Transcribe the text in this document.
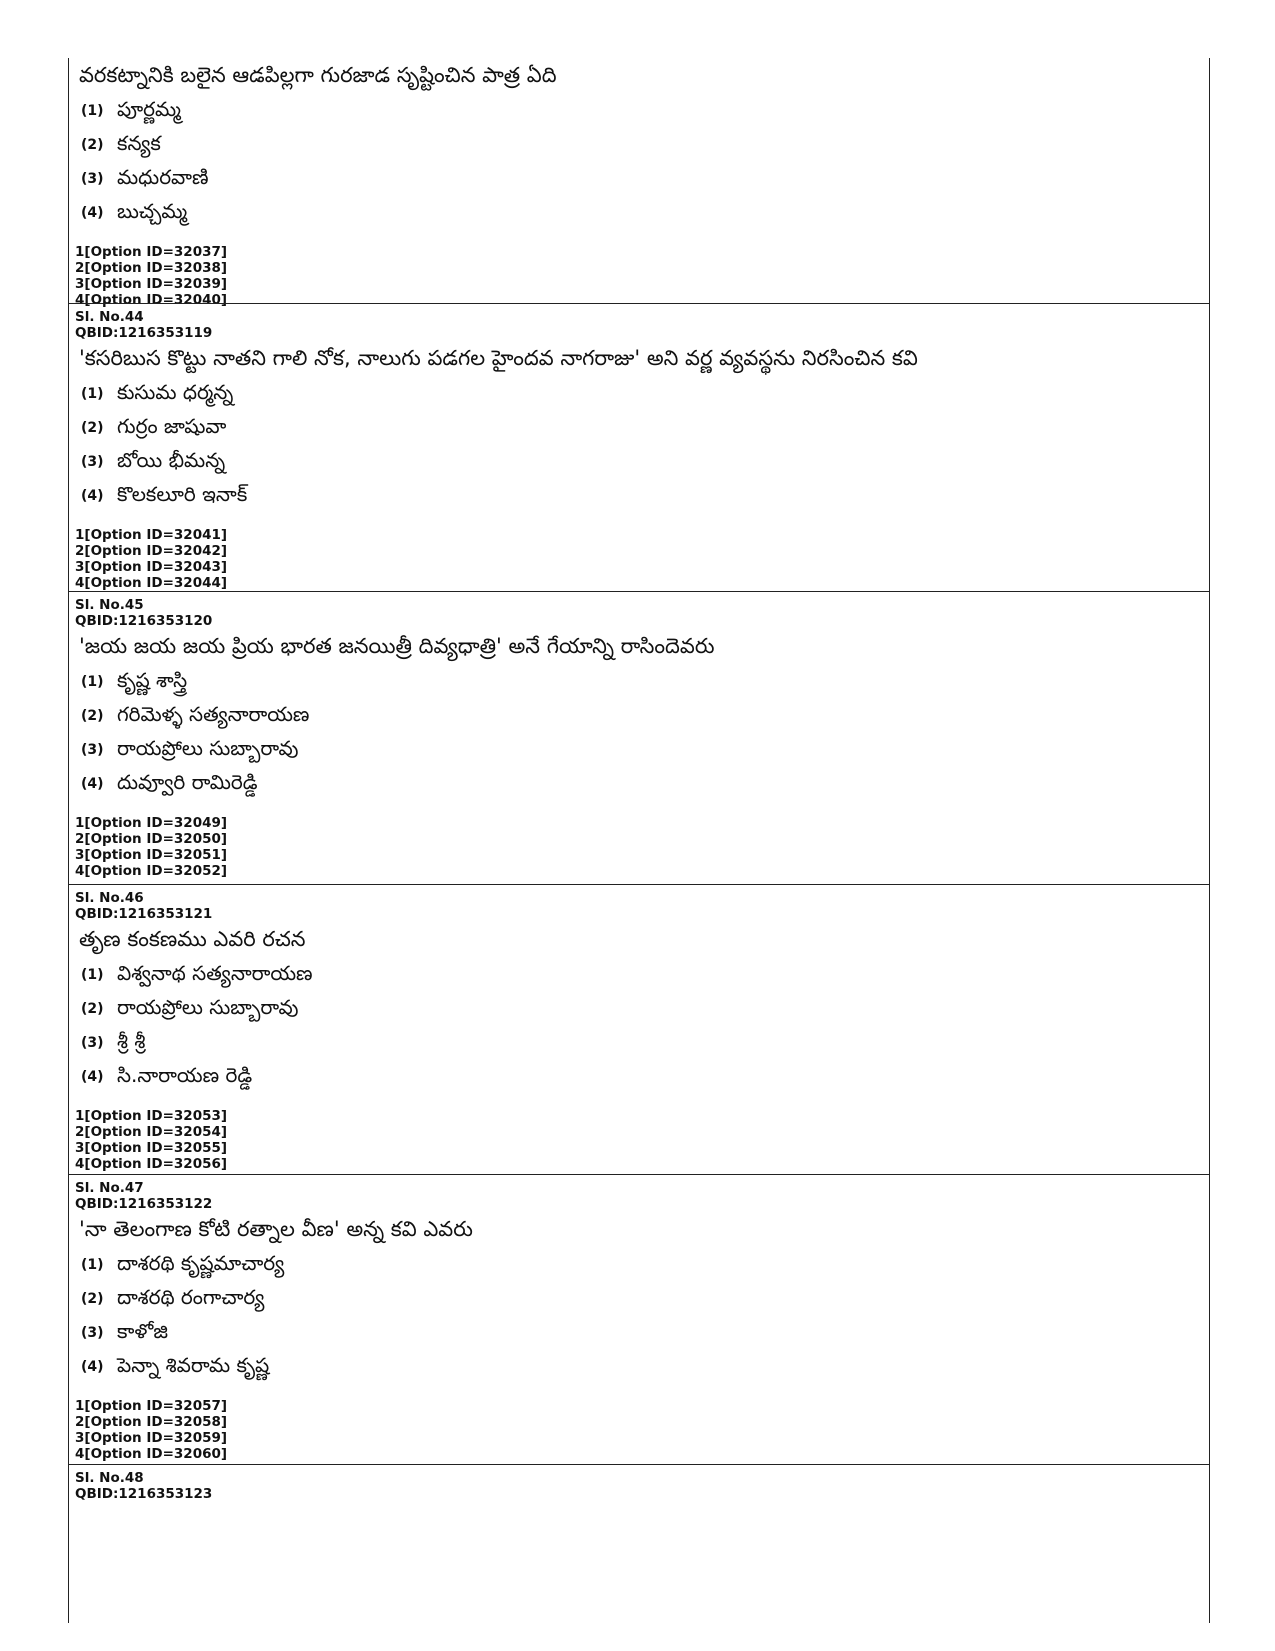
వరకట్నానికి బలైన ఆడపిల్లగా గురజాడ సృష్టించిన పాత్ర ఏది
(1) పూర్ణమ్మ
(2) కన్యక
(3) మధురవాణి
(4) బుచ్చమ్మ
1[Option ID=32037]
2[Option ID=32038]
3[Option ID=32039]
4[Option ID=32040]
Sl. No.44
QBID:1216353119
'కసరిబుస కొట్టు నాతని గాలి నోక, నాలుగు పడగల హైందవ నాగరాజు' అని వర్ణ వ్యవస్థను నిరసించిన కవి
(1) కుసుమ ధర్మన్న
(2) గుర్రం జాషువా
(3) బోయి భీమన్న
(4) కొలకలూరి ఇనాక్
1[Option ID=32041]
2[Option ID=32042]
3[Option ID=32043]
4[Option ID=32044]
Sl. No.45
QBID:1216353120
'జయ జయ జయ ప్రియ భారత జనయిత్రీ దివ్యధాత్రి' అనే గేయాన్ని రాసిందెవరు
(1) కృష్ణ శాస్త్రి
(2) గరిమెళ్ళ సత్యనారాయణ
(3) రాయప్రోలు సుబ్బారావు
(4) దువ్వూరి రామిరెడ్డి
1[Option ID=32049]
2[Option ID=32050]
3[Option ID=32051]
4[Option ID=32052]
Sl. No.46
QBID:1216353121
తృణ కంకణము ఎవరి రచన
(1) విశ్వనాథ సత్యనారాయణ
(2) రాయప్రోలు సుబ్బారావు
(3) శ్రీ శ్రీ
(4) సి.నారాయణ రెడ్డి
1[Option ID=32053]
2[Option ID=32054]
3[Option ID=32055]
4[Option ID=32056]
Sl. No.47
QBID:1216353122
'నా తెలంగాణ కోటి రత్నాల వీణ' అన్న కవి ఎవరు
(1) దాశరథి కృష్ణమాచార్య
(2) దాశరథి రంగాచార్య
(3) కాళోజి
(4) పెన్నా శివరామ కృష్ణ
1[Option ID=32057]
2[Option ID=32058]
3[Option ID=32059]
4[Option ID=32060]
Sl. No.48
QBID:1216353123
